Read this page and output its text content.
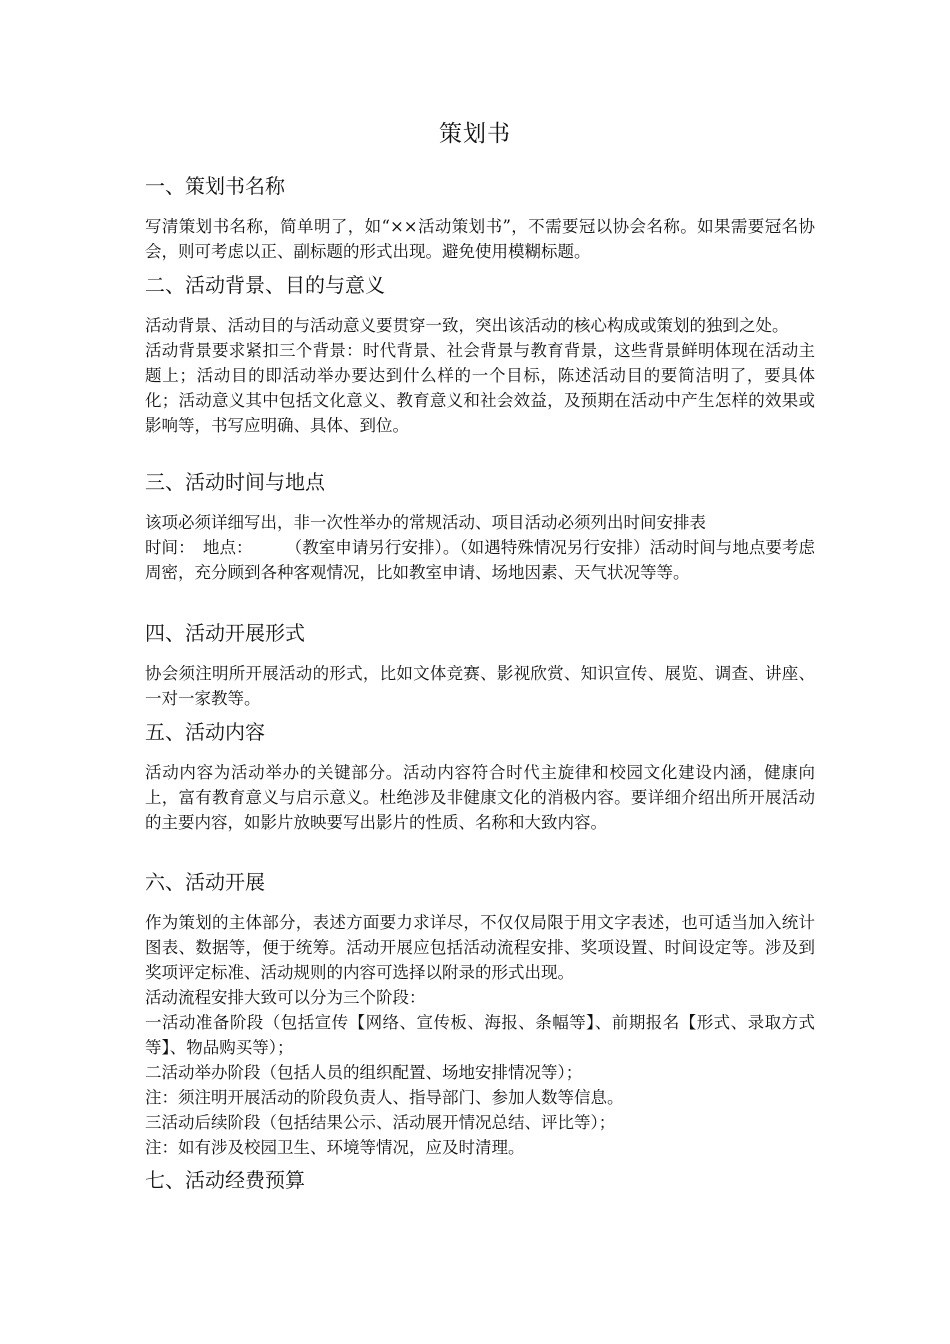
策划书
一、策划书名称

写清策划书名称，简单明了，如“××活动策划书”，不需要冠以协会名称。如果需要冠名协会，则可考虑以正、副标题的形式出现。避免使用模糊标题。

二、活动背景、目的与意义

活动背景、活动目的与活动意义要贯穿一致，突出该活动的核心构成或策划的独到之处。

活动背景要求紧扣三个背景：时代背景、社会背景与教育背景，这些背景鲜明体现在活动主题上；活动目的即活动举办要达到什么样的一个目标，陈述活动目的要简洁明了，要具体化；活动意义其中包括文化意义、教育意义和社会效益，及预期在活动中产生怎样的效果或影响等，书写应明确、具体、到位。

三、活动时间与地点

该项必须详细写出，非一次性举办的常规活动、项目活动必须列出时间安排表

时间：　地点：　　　（教室申请另行安排）。（如遇特殊情况另行安排）活动时间与地点要考虑周密，充分顾到各种客观情况，比如教室申请、场地因素、天气状况等等。

四、活动开展形式

协会须注明所开展活动的形式，比如文体竞赛、影视欣赏、知识宣传、展览、调查、讲座、一对一家教等。

五、活动内容

活动内容为活动举办的关键部分。活动内容符合时代主旋律和校园文化建设内涵，健康向上，富有教育意义与启示意义。杜绝涉及非健康文化的消极内容。要详细介绍出所开展活动的主要内容，如影片放映要写出影片的性质、名称和大致内容。

六、活动开展

作为策划的主体部分，表述方面要力求详尽，不仅仅局限于用文字表述，也可适当加入统计图表、数据等，便于统筹。活动开展应包括活动流程安排、奖项设置、时间设定等。涉及到奖项评定标准、活动规则的内容可选择以附录的形式出现。

活动流程安排大致可以分为三个阶段：

一活动准备阶段（包括宣传【网络、宣传板、海报、条幅等】、前期报名【形式、录取方式等】、物品购买等）；

二活动举办阶段（包括人员的组织配置、场地安排情况等）；

注：须注明开展活动的阶段负责人、指导部门、参加人数等信息。

三活动后续阶段（包括结果公示、活动展开情况总结、评比等）；

注：如有涉及校园卫生、环境等情况，应及时清理。

七、活动经费预算
